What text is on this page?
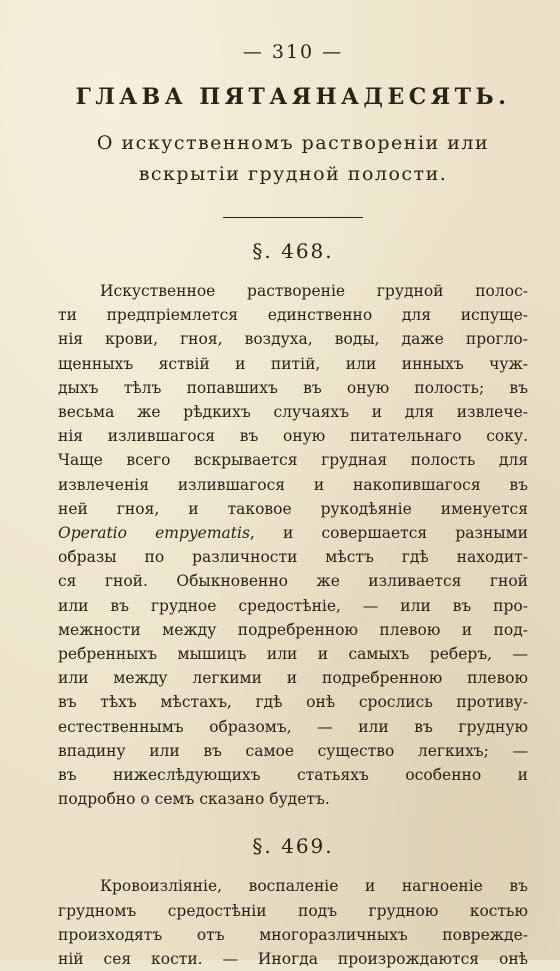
— 310 —
ГЛАВА ПЯТАЯНАДЕСЯТЬ.
О искуственномъ растворенiи или
вскрытiи грудной полости.
§. 468.
Искуственное растворенiе грудной полос-
ти предпрiемлется единственно для испуще-
нiя крови, гноя, воздуха, воды, даже прогло-
щенныхъ яствiй и питiй, или инныхъ чуж-
дыхъ тѣлъ попавшихъ въ оную полость; въ
весьма же рѣдкихъ случаяхъ и для извлече-
нiя излившагося въ оную питательнаго соку.
Чаще всего вскрывается грудная полость для
извлеченiя излившагося и накопившагося въ
ней гноя, и таковое рукодѣянiе именуется
Operatio empyematis, и совершается разными
образы по различности мѣстъ гдѣ находит-
ся гной. Обыкновенно же изливается гной
или въ грудное средостѣнiе, — или въ про-
межности между подребренною плевою и под-
ребренныхъ мышицъ или и самыхъ реберъ, —
или между легкими и подребренною плевою
въ тѣхъ мѣстахъ, гдѣ онѣ срослись противу-
естественнымъ образомъ, — или въ грудную
впадину или въ самое существо легкихъ; —
въ нижеслѣдующихъ статьяхъ особенно и
подробно о семъ сказано будетъ.
§. 469.
Кровоизлiянiе, воспаленiе и нагноенiе въ
грудномъ средостѣнiи подъ грудною костью
произходятъ отъ многоразличныхъ поврежде-
нiй сея кости. — Иногда произрождаются онѣ
